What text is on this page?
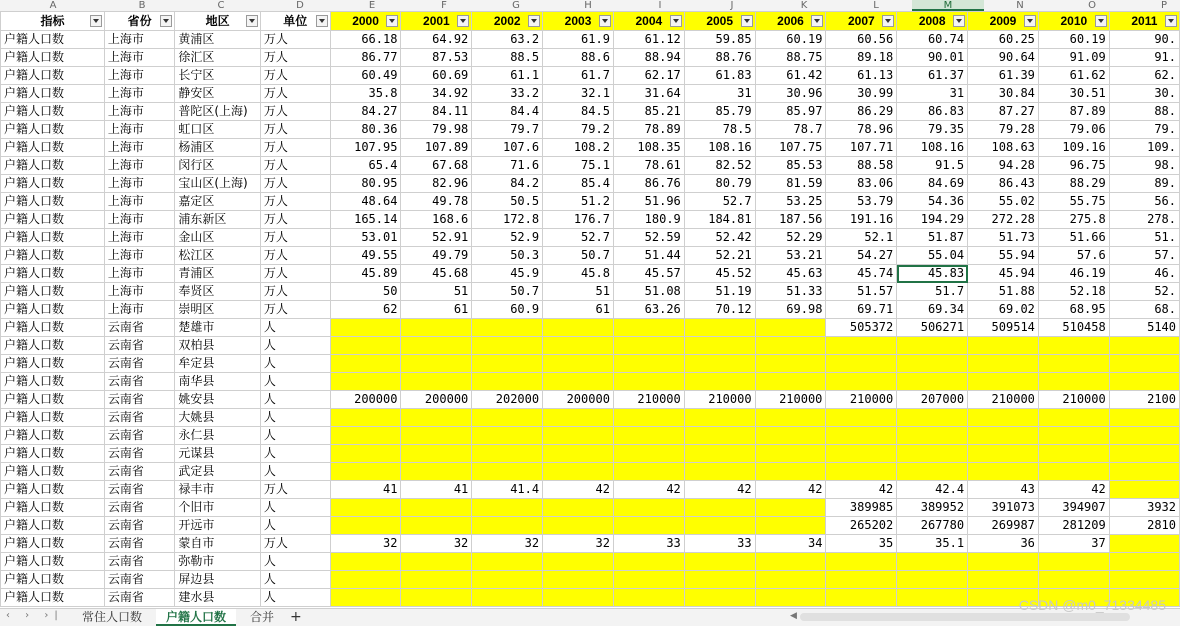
A	B	C	D	E	F	G	H	I	J	K	L	M	N	O	P
指标	省份	地区	单位	2000	2001	2002	2003	2004	2005	2006	2007	2008	2009	2010	2011

户籍人口数	上海市	黄浦区	万人	66.18	64.92	63.2	61.9	61.12	59.85	60.19	60.56	60.74	60.25	60.19	90.
户籍人口数	上海市	徐汇区	万人	86.77	87.53	88.5	88.6	88.94	88.76	88.75	89.18	90.01	90.64	91.09	91.
户籍人口数	上海市	长宁区	万人	60.49	60.69	61.1	61.7	62.17	61.83	61.42	61.13	61.37	61.39	61.62	62.
户籍人口数	上海市	静安区	万人	35.8	34.92	33.2	32.1	31.64	31	30.96	30.99	31	30.84	30.51	30.
户籍人口数	上海市	普陀区(上海)	万人	84.27	84.11	84.4	84.5	85.21	85.79	85.97	86.29	86.83	87.27	87.89	88.
户籍人口数	上海市	虹口区	万人	80.36	79.98	79.7	79.2	78.89	78.5	78.7	78.96	79.35	79.28	79.06	79.
户籍人口数	上海市	杨浦区	万人	107.95	107.89	107.6	108.2	108.35	108.16	107.75	107.71	108.16	108.63	109.16	109.
户籍人口数	上海市	闵行区	万人	65.4	67.68	71.6	75.1	78.61	82.52	85.53	88.58	91.5	94.28	96.75	98.
户籍人口数	上海市	宝山区(上海)	万人	80.95	82.96	84.2	85.4	86.76	80.79	81.59	83.06	84.69	86.43	88.29	89.
户籍人口数	上海市	嘉定区	万人	48.64	49.78	50.5	51.2	51.96	52.7	53.25	53.79	54.36	55.02	55.75	56.
户籍人口数	上海市	浦东新区	万人	165.14	168.6	172.8	176.7	180.9	184.81	187.56	191.16	194.29	272.28	275.8	278.
户籍人口数	上海市	金山区	万人	53.01	52.91	52.9	52.7	52.59	52.42	52.29	52.1	51.87	51.73	51.66	51.
户籍人口数	上海市	松江区	万人	49.55	49.79	50.3	50.7	51.44	52.21	53.21	54.27	55.04	55.94	57.6	57.
户籍人口数	上海市	青浦区	万人	45.89	45.68	45.9	45.8	45.57	45.52	45.63	45.74	45.83	45.94	46.19	46.
户籍人口数	上海市	奉贤区	万人	50	51	50.7	51	51.08	51.19	51.33	51.57	51.7	51.88	52.18	52.
户籍人口数	上海市	崇明区	万人	62	61	60.9	61	63.26	70.12	69.98	69.71	69.34	69.02	68.95	68.
户籍人口数	云南省	楚雄市	人								505372	506271	509514	510458	5140
户籍人口数	云南省	双柏县	人												
户籍人口数	云南省	牟定县	人												
户籍人口数	云南省	南华县	人												
户籍人口数	云南省	姚安县	人	200000	200000	202000	200000	210000	210000	210000	210000	207000	210000	210000	2100
户籍人口数	云南省	大姚县	人												
户籍人口数	云南省	永仁县	人												
户籍人口数	云南省	元谋县	人												
户籍人口数	云南省	武定县	人												
户籍人口数	云南省	禄丰市	万人	41	41	41.4	42	42	42	42	42	42.4	43	42	
户籍人口数	云南省	个旧市	人								389985	389952	391073	394907	3932
户籍人口数	云南省	开远市	人								265202	267780	269987	281209	2810
户籍人口数	云南省	蒙自市	万人	32	32	32	32	33	33	34	35	35.1	36	37	
户籍人口数	云南省	弥勒市	人												
户籍人口数	云南省	屏边县	人												
户籍人口数	云南省	建水县	人												
‹ › ›|	常住人口数	户籍人口数	合并	+	◀
CSDN @m0_71334485
